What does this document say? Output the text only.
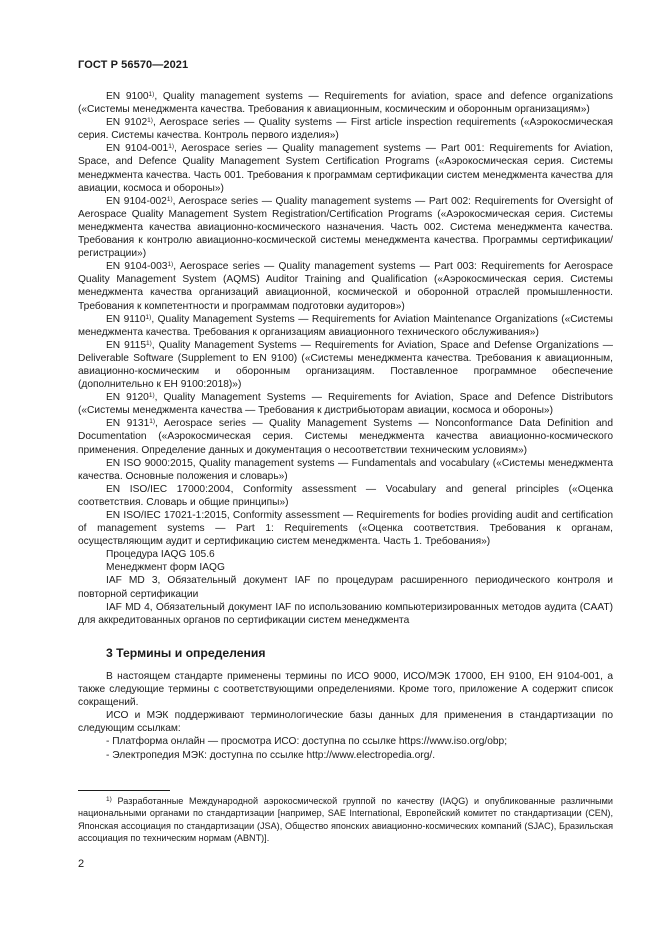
ГОСТ Р 56570—2021

EN 9100$^{1)}$, Quality management systems — Requirements for aviation, space and defence organizations («Системы менеджмента качества. Требования к авиационным, космическим и оборонным организациям»)

EN 9102$^{1)}$, Aerospace series — Quality systems — First article inspection requirements («Аэрокосмическая серия. Системы качества. Контроль первого изделия»)

EN 9104-001$^{1)}$, Aerospace series — Quality management systems — Part 001: Requirements for Aviation, Space, and Defence Quality Management System Certification Programs («Аэрокосмическая серия. Системы менеджмента качества. Часть 001. Требования к программам сертификации систем менеджмента качества для авиации, космоса и обороны»)

EN 9104-002$^{1)}$, Aerospace series — Quality management systems — Part 002: Requirements for Oversight of Aerospace Quality Management System Registration/Certification Programs («Аэрокосмическая серия. Системы менеджмента качества авиационно-космического назначения. Часть 002. Система менеджмента качества. Требования к контролю авиационно-космической системы менеджмента качества. Программы сертификации/регистрации»)

EN 9104-003$^{1)}$, Aerospace series — Quality management systems — Part 003: Requirements for Aerospace Quality Management System (AQMS) Auditor Training and Qualification («Аэрокосмическая серия. Системы менеджмента качества организаций авиационной, космической и оборонной отраслей промышленности. Требования к компетентности и программам подготовки аудиторов»)

EN 9110$^{1)}$, Quality Management Systems — Requirements for Aviation Maintenance Organizations («Системы менеджмента качества. Требования к организациям авиационного технического обслуживания»)

EN 9115$^{1)}$, Quality Management Systems — Requirements for Aviation, Space and Defense Organizations — Deliverable Software (Supplement to EN 9100) («Системы менеджмента качества. Требования к авиационным, авиационно-космическим и оборонным организациям. Поставленное программное обеспечение (дополнительно к ЕН 9100:2018)»)

EN 9120$^{1)}$, Quality Management Systems — Requirements for Aviation, Space and Defence Distributors («Системы менеджмента качества — Требования к дистрибьюторам авиации, космоса и обороны»)

EN 9131$^{1)}$, Aerospace series — Quality Management Systems — Nonconformance Data Definition and Documentation («Аэрокосмическая серия. Системы менеджмента качества авиационно-космического применения. Определение данных и документация о несоответствии техническим условиям»)

EN ISO 9000:2015, Quality management systems — Fundamentals and vocabulary («Системы менеджмента качества. Основные положения и словарь»)

EN ISO/IEC 17000:2004, Conformity assessment — Vocabulary and general principles («Оценка соответствия. Словарь и общие принципы»)

EN ISO/IEC 17021-1:2015, Conformity assessment — Requirements for bodies providing audit and certification of management systems — Part 1: Requirements («Оценка соответствия. Требования к органам, осуществляющим аудит и сертификацию систем менеджмента. Часть 1. Требования»)

Процедура IAQG 105.6

Менеджмент форм IAQG

IAF MD 3, Обязательный документ IAF по процедурам расширенного периодического контроля и повторной сертификации

IAF MD 4, Обязательный документ IAF по использованию компьютеризированных методов аудита (CAAT) для аккредитованных органов по сертификации систем менеджмента

3 Термины и определения

В настоящем стандарте применены термины по ИСО 9000, ИСО/МЭК 17000, ЕН 9100, ЕН 9104-001, а также следующие термины с соответствующими определениями. Кроме того, приложение А содержит список сокращений.

ИСО и МЭК поддерживают терминологические базы данных для применения в стандартизации по следующим ссылкам:

- Платформа онлайн — просмотра ИСО: доступна по ссылке https://www.iso.org/obp;

- Электропедия МЭК: доступна по ссылке http://www.electropedia.org/.

$^{1)}$ Разработанные Международной аэрокосмической группой по качеству (IAQG) и опубликованные различными национальными органами по стандартизации [например, SAE International, Европейский комитет по стандартизации (CEN), Японская ассоциация по стандартизации (JSA), Общество японских авиационно-космических компаний (SJAC), Бразильская ассоциация по техническим нормам (ABNT)].
2
